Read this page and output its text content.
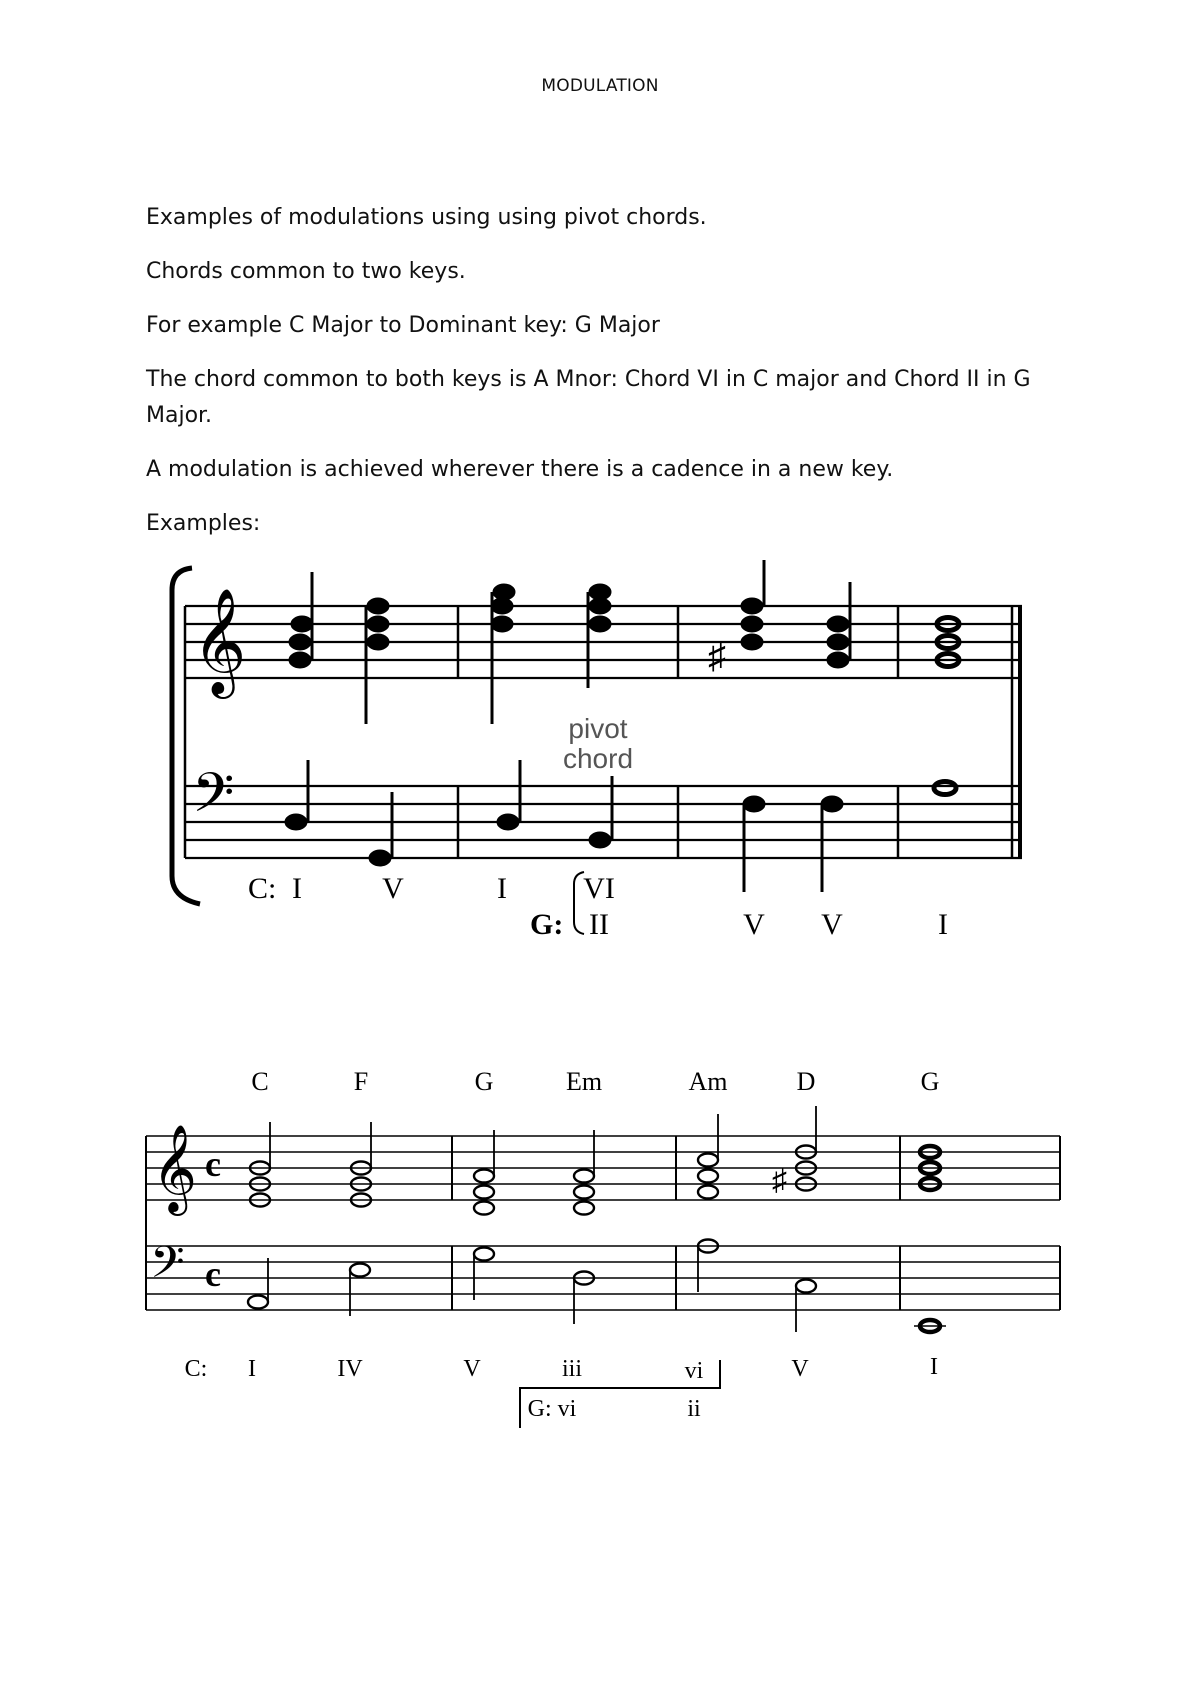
MODULATION
Examples of modulations using using pivot chords.
Chords common to two keys.
For example C Major to Dominant key: G Major
The chord common to both keys is A Mnor: Chord VI in C major and Chord II in G Major.
A modulation is achieved wherever there is a cadence in a new key.
Examples:
𝄞
𝄢
♯
pivot
chord
C: I	V	I	VI
G: II	V V	I
C	F	G	Em	Am	D	G
𝄞 c
𝄢 c
♯
C: I	IV	V	iii	vi	V	I
G: vi	ii
